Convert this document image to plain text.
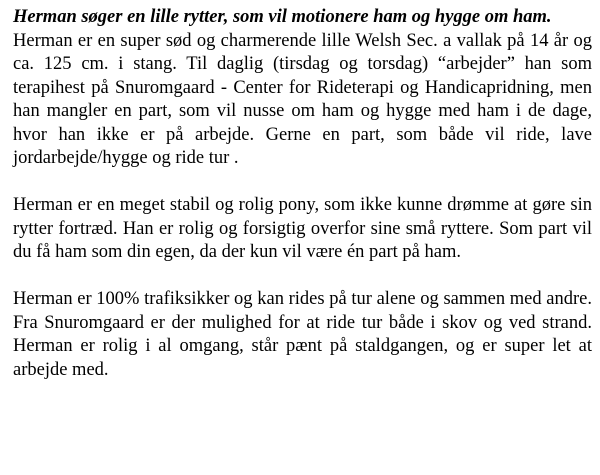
Herman søger en lille rytter, som vil motionere ham og hygge om ham.

Herman er en super sød og charmerende lille Welsh Sec. a vallak på 14 år og ca. 125 cm. i stang. Til daglig (tirsdag og torsdag) “arbejder” han som terapihest på Snuromgaard - Center for Rideterapi og Handicapridning, men han mangler en part, som vil nusse om ham og hygge med ham i de dage, hvor han ikke er på arbejde. Gerne en part, som både vil ride, lave jordarbejde/hygge og ride tur .

Herman er en meget stabil og rolig pony, som ikke kunne drømme at gøre sin rytter fortræd. Han er rolig og forsigtig overfor sine små ryttere. Som part vil du få ham som din egen, da der kun vil være én part på ham.

Herman er 100% trafiksikker og kan rides på tur alene og sammen med andre. Fra Snuromgaard er der mulighed for at ride tur både i skov og ved strand. Herman er rolig i al omgang, står pænt på staldgangen, og er super let at arbejde med.
